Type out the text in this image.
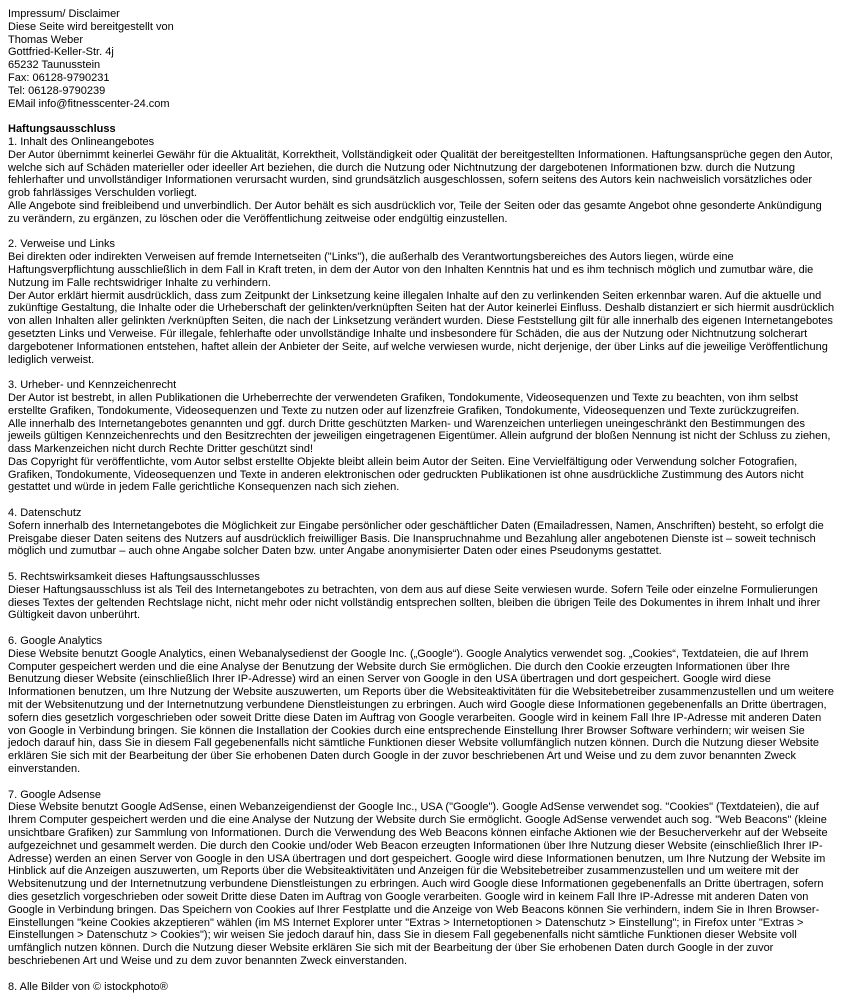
Impressum/ Disclaimer
Diese Seite wird bereitgestellt von
Thomas Weber
Gottfried-Keller-Str. 4j
65232 Taunusstein
Fax: 06128-9790231
Tel: 06128-9790239
EMail info@fitnesscenter-24.com
Haftungsausschluss
1. Inhalt des Onlineangebotes

Der Autor übernimmt keinerlei Gewähr für die Aktualität, Korrektheit, Vollständigkeit oder Qualität der bereitgestellten Informationen. Haftungsansprüche gegen den Autor, welche sich auf Schäden materieller oder ideeller Art beziehen, die durch die Nutzung oder Nichtnutzung der dargebotenen Informationen bzw. durch die Nutzung fehlerhafter und unvollständiger Informationen verursacht wurden, sind grundsätzlich ausgeschlossen, sofern seitens des Autors kein nachweislich vorsätzliches oder grob fahrlässiges Verschulden vorliegt.

Alle Angebote sind freibleibend und unverbindlich. Der Autor behält es sich ausdrücklich vor, Teile der Seiten oder das gesamte Angebot ohne gesonderte Ankündigung zu verändern, zu ergänzen, zu löschen oder die Veröffentlichung zeitweise oder endgültig einzustellen.

2. Verweise und Links

Bei direkten oder indirekten Verweisen auf fremde Internetseiten ("Links"), die außerhalb des Verantwortungsbereiches des Autors liegen, würde eine Haftungsverpflichtung ausschließlich in dem Fall in Kraft treten, in dem der Autor von den Inhalten Kenntnis hat und es ihm technisch möglich und zumutbar wäre, die Nutzung im Falle rechtswidriger Inhalte zu verhindern.

Der Autor erklärt hiermit ausdrücklich, dass zum Zeitpunkt der Linksetzung keine illegalen Inhalte auf den zu verlinkenden Seiten erkennbar waren. Auf die aktuelle und zukünftige Gestaltung, die Inhalte oder die Urheberschaft der gelinkten/verknüpften Seiten hat der Autor keinerlei Einfluss. Deshalb distanziert er sich hiermit ausdrücklich von allen Inhalten aller gelinkten /verknüpften Seiten, die nach der Linksetzung verändert wurden. Diese Feststellung gilt für alle innerhalb des eigenen Internetangebotes gesetzten Links und Verweise. Für illegale, fehlerhafte oder unvollständige Inhalte und insbesondere für Schäden, die aus der Nutzung oder Nichtnutzung solcherart dargebotener Informationen entstehen, haftet allein der Anbieter der Seite, auf welche verwiesen wurde, nicht derjenige, der über Links auf die jeweilige Veröffentlichung lediglich verweist.

3. Urheber- und Kennzeichenrecht

Der Autor ist bestrebt, in allen Publikationen die Urheberrechte der verwendeten Grafiken, Tondokumente, Videosequenzen und Texte zu beachten, von ihm selbst erstellte Grafiken, Tondokumente, Videosequenzen und Texte zu nutzen oder auf lizenzfreie Grafiken, Tondokumente, Videosequenzen und Texte zurückzugreifen.

Alle innerhalb des Internetangebotes genannten und ggf. durch Dritte geschützten Marken- und Warenzeichen unterliegen uneingeschränkt den Bestimmungen des jeweils gültigen Kennzeichenrechts und den Besitzrechten der jeweiligen eingetragenen Eigentümer. Allein aufgrund der bloßen Nennung ist nicht der Schluss zu ziehen, dass Markenzeichen nicht durch Rechte Dritter geschützt sind!

Das Copyright für veröffentlichte, vom Autor selbst erstellte Objekte bleibt allein beim Autor der Seiten. Eine Vervielfältigung oder Verwendung solcher Fotografien, Grafiken, Tondokumente, Videosequenzen und Texte in anderen elektronischen oder gedruckten Publikationen ist ohne ausdrückliche Zustimmung des Autors nicht gestattet und würde in jedem Falle gerichtliche Konsequenzen nach sich ziehen.

4. Datenschutz

Sofern innerhalb des Internetangebotes die Möglichkeit zur Eingabe persönlicher oder geschäftlicher Daten (Emailadressen, Namen, Anschriften) besteht, so erfolgt die Preisgabe dieser Daten seitens des Nutzers auf ausdrücklich freiwilliger Basis. Die Inanspruchnahme und Bezahlung aller angebotenen Dienste ist – soweit technisch möglich und zumutbar – auch ohne Angabe solcher Daten bzw. unter Angabe anonymisierter Daten oder eines Pseudonyms gestattet.

5. Rechtswirksamkeit dieses Haftungsausschlusses

Dieser Haftungsausschluss ist als Teil des Internetangebotes zu betrachten, von dem aus auf diese Seite verwiesen wurde. Sofern Teile oder einzelne Formulierungen dieses Textes der geltenden Rechtslage nicht, nicht mehr oder nicht vollständig entsprechen sollten, bleiben die übrigen Teile des Dokumentes in ihrem Inhalt und ihrer Gültigkeit davon unberührt.

6. Google Analytics

Diese Website benutzt Google Analytics, einen Webanalysedienst der Google Inc. („Google“). Google Analytics verwendet sog. „Cookies“, Textdateien, die auf Ihrem Computer gespeichert werden und die eine Analyse der Benutzung der Website durch Sie ermöglichen. Die durch den Cookie erzeugten Informationen über Ihre Benutzung dieser Website (einschließlich Ihrer IP-Adresse) wird an einen Server von Google in den USA übertragen und dort gespeichert. Google wird diese Informationen benutzen, um Ihre Nutzung der Website auszuwerten, um Reports über die Websiteaktivitäten für die Websitebetreiber zusammenzustellen und um weitere mit der Websitenutzung und der Internetnutzung verbundene Dienstleistungen zu erbringen. Auch wird Google diese Informationen gegebenenfalls an Dritte übertragen, sofern dies gesetzlich vorgeschrieben oder soweit Dritte diese Daten im Auftrag von Google verarbeiten. Google wird in keinem Fall Ihre IP-Adresse mit anderen Daten von Google in Verbindung bringen. Sie können die Installation der Cookies durch eine entsprechende Einstellung Ihrer Browser Software verhindern; wir weisen Sie jedoch darauf hin, dass Sie in diesem Fall gegebenenfalls nicht sämtliche Funktionen dieser Website vollumfänglich nutzen können. Durch die Nutzung dieser Website erklären Sie sich mit der Bearbeitung der über Sie erhobenen Daten durch Google in der zuvor beschriebenen Art und Weise und zu dem zuvor benannten Zweck einverstanden.

7. Google Adsense

Diese Website benutzt Google AdSense, einen Webanzeigendienst der Google Inc., USA ("Google"). Google AdSense verwendet sog. "Cookies" (Textdateien), die auf Ihrem Computer gespeichert werden und die eine Analyse der Nutzung der Website durch Sie ermöglicht. Google AdSense verwendet auch sog. "Web Beacons" (kleine unsichtbare Grafiken) zur Sammlung von Informationen. Durch die Verwendung des Web Beacons können einfache Aktionen wie der Besucherverkehr auf der Webseite aufgezeichnet und gesammelt werden. Die durch den Cookie und/oder Web Beacon erzeugten Informationen über Ihre Nutzung dieser Website (einschließlich Ihrer IP-Adresse) werden an einen Server von Google in den USA übertragen und dort gespeichert. Google wird diese Informationen benutzen, um Ihre Nutzung der Website im Hinblick auf die Anzeigen auszuwerten, um Reports über die Websiteaktivitäten und Anzeigen für die Websitebetreiber zusammenzustellen und um weitere mit der Websitenutzung und der Internetnutzung verbundene Dienstleistungen zu erbringen. Auch wird Google diese Informationen gegebenenfalls an Dritte übertragen, sofern dies gesetzlich vorgeschrieben oder soweit Dritte diese Daten im Auftrag von Google verarbeiten. Google wird in keinem Fall Ihre IP-Adresse mit anderen Daten von Google in Verbindung bringen. Das Speichern von Cookies auf Ihrer Festplatte und die Anzeige von Web Beacons können Sie verhindern, indem Sie in Ihren Browser-Einstellungen "keine Cookies akzeptieren" wählen (im MS Internet Explorer unter "Extras > Internetoptionen > Datenschutz > Einstellung"; in Firefox unter "Extras > Einstellungen > Datenschutz > Cookies"); wir weisen Sie jedoch darauf hin, dass Sie in diesem Fall gegebenenfalls nicht sämtliche Funktionen dieser Website voll umfänglich nutzen können. Durch die Nutzung dieser Website erklären Sie sich mit der Bearbeitung der über Sie erhobenen Daten durch Google in der zuvor beschriebenen Art und Weise und zu dem zuvor benannten Zweck einverstanden.

8. Alle Bilder von © istockphoto®
